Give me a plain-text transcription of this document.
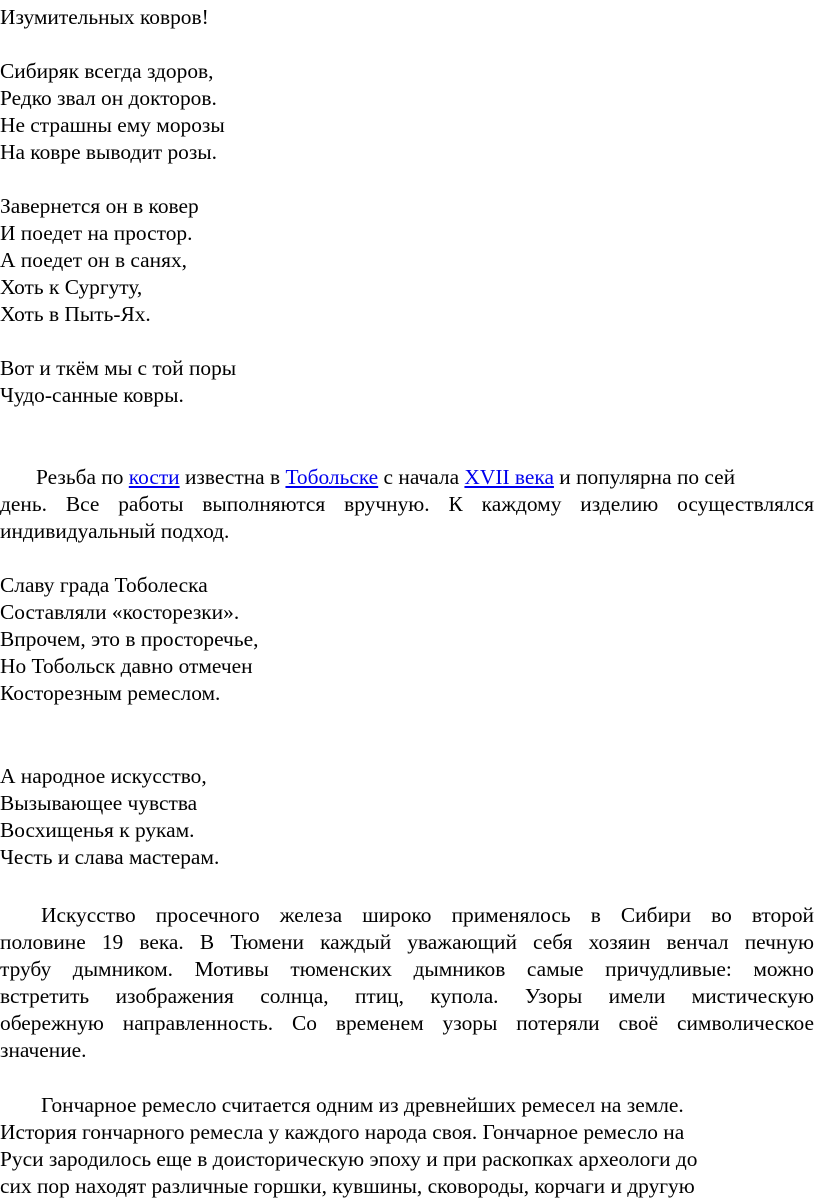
Изумительных ковров!
Сибиряк всегда здоров,
Редко звал он докторов.
Не страшны ему морозы
На ковре выводит розы.
Завернется он в ковер
И поедет на простор.
А поедет он в санях,
Хоть к Сургуту,
Хоть в Пыть-Ях.
Вот и ткём мы с той поры
Чудо-санные ковры.
Резьба по кости известна в Тобольске с начала XVII века и популярна по сей
день. Все работы выполняются вручную. К каждому изделию осуществлялся
индивидуальный подход.
Славу града Тоболеска
Составляли «косторезки».
Впрочем, это в просторечье,
Но Тобольск давно отмечен
Косторезным ремеслом.
А народное искусство,
Вызывающее чувства
Восхищенья к рукам.
Честь и слава мастерам.
Искусство просечного железа широко применялось в Сибири во второй
половине 19 века. В Тюмени каждый уважающий себя хозяин венчал печную
трубу дымником. Мотивы тюменских дымников самые причудливые: можно
встретить изображения солнца, птиц, купола. Узоры имели мистическую
обережную направленность. Со временем узоры потеряли своё символическое
значение.
Гончарное ремесло считается одним из древнейших ремесел на земле.
История гончарного ремесла у каждого народа своя. Гончарное ремесло на
Руси зародилось еще в доисторическую эпоху и при раскопках археологи до
сих пор находят различные горшки, кувшины, сковороды, корчаги и другую
